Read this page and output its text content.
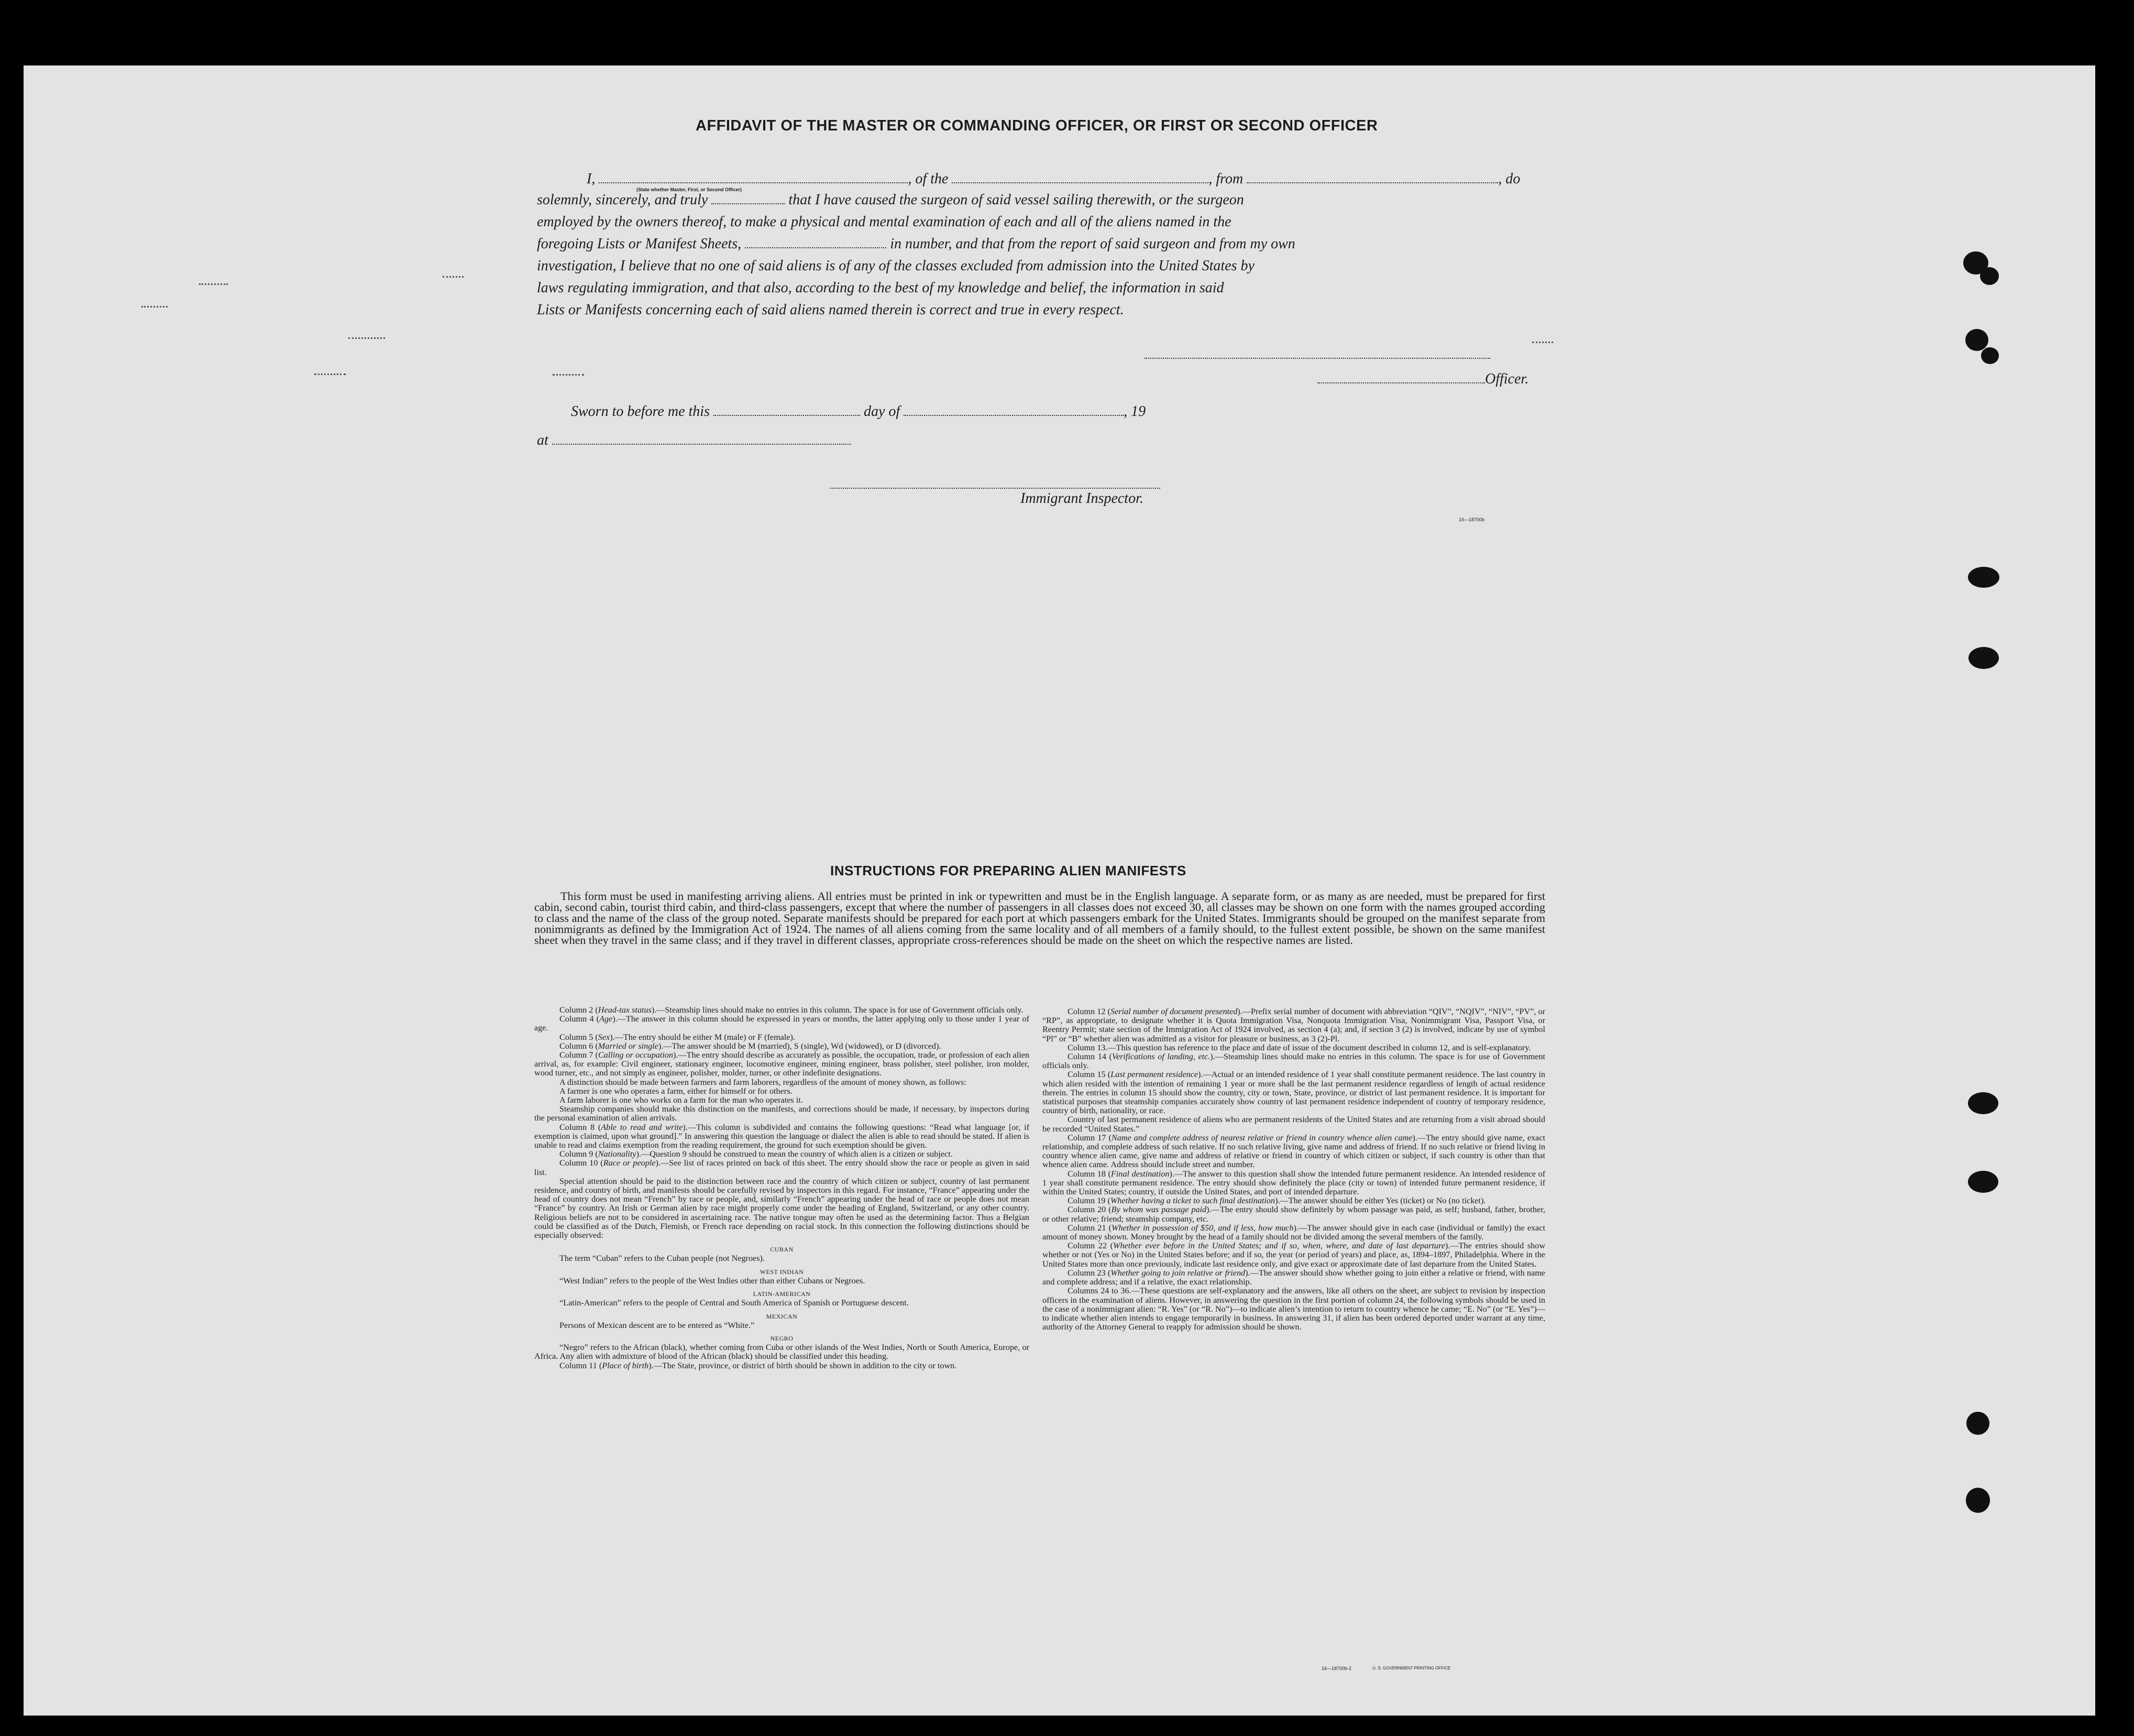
AFFIDAVIT OF THE MASTER OR COMMANDING OFFICER, OR FIRST OR SECOND OFFICER
I,	, of the	, from	, do
(State whether Master, First, or Second Officer)
solemnly, sincerely, and truly	that I have caused the surgeon of said vessel sailing therewith, or the surgeon
employed by the owners thereof, to make a physical and mental examination of each and all of the aliens named in the
foregoing Lists or Manifest Sheets,	in number, and that from the report of said surgeon and from my own
investigation, I believe that no one of said aliens is of any of the classes excluded from admission into the United States by
laws regulating immigration, and that also, according to the best of my knowledge and belief, the information in said
Lists or Manifests concerning each of said aliens named therein is correct and true in every respect.
Officer.
Sworn to before me this	day of	, 19
at
Immigrant Inspector.
16—18700b
INSTRUCTIONS FOR PREPARING ALIEN MANIFESTS
This form must be used in manifesting arriving aliens. All entries must be printed in ink or typewritten and must be in the English language. A separate form, or as many as are needed, must be prepared for first cabin, second cabin, tourist third cabin, and third-class passengers, except that where the number of passengers in all classes does not exceed 30, all classes may be shown on one form with the names grouped according to class and the name of the class of the group noted. Separate manifests should be prepared for each port at which passengers embark for the United States. Immigrants should be grouped on the manifest separate from nonimmigrants as defined by the Immigration Act of 1924. The names of all aliens coming from the same locality and of all members of a family should, to the fullest extent possible, be shown on the same manifest sheet when they travel in the same class; and if they travel in different classes, appropriate cross-references should be made on the sheet on which the respective names are listed.

Column 2 (Head-tax status).—Steamship lines should make no entries in this column. The space is for use of Government officials only.

Column 4 (Age).—The answer in this column should be expressed in years or months, the latter applying only to those under 1 year of age.

Column 5 (Sex).—The entry should be either M (male) or F (female).

Column 6 (Married or single).—The answer should be M (married), S (single), Wd (widowed), or D (divorced).

Column 7 (Calling or occupation).—The entry should describe as accurately as possible, the occupation, trade, or profession of each alien arrival, as, for example: Civil engineer, stationary engineer, locomotive engineer, mining engineer, brass polisher, steel polisher, iron molder, wood turner, etc., and not simply as engineer, polisher, molder, turner, or other indefinite designations.

A distinction should be made between farmers and farm laborers, regardless of the amount of money shown, as follows:

A farmer is one who operates a farm, either for himself or for others.

A farm laborer is one who works on a farm for the man who operates it.

Steamship companies should make this distinction on the manifests, and corrections should be made, if necessary, by inspectors during the personal examination of alien arrivals.

Column 8 (Able to read and write).—This column is subdivided and contains the following questions: “Read what language [or, if exemption is claimed, upon what ground].” In answering this question the language or dialect the alien is able to read should be stated. If alien is unable to read and claims exemption from the reading requirement, the ground for such exemption should be given.

Column 9 (Nationality).—Question 9 should be construed to mean the country of which alien is a citizen or subject.

Column 10 (Race or people).—See list of races printed on back of this sheet. The entry should show the race or people as given in said list.

Special attention should be paid to the distinction between race and the country of which citizen or subject, country of last permanent residence, and country of birth, and manifests should be carefully revised by inspectors in this regard. For instance, “France” appearing under the head of country does not mean “French” by race or people, and, similarly “French” appearing under the head of race or people does not mean “France” by country. An Irish or German alien by race might properly come under the heading of England, Switzerland, or any other country. Religious beliefs are not to be considered in ascertaining race. The native tongue may often be used as the determining factor. Thus a Belgian could be classified as of the Dutch, Flemish, or French race depending on racial stock. In this connection the following distinctions should be especially observed:

CUBAN

The term “Cuban” refers to the Cuban people (not Negroes).

WEST INDIAN

“West Indian” refers to the people of the West Indies other than either Cubans or Negroes.

LATIN-AMERICAN

“Latin-American” refers to the people of Central and South America of Spanish or Portuguese descent.

MEXICAN

Persons of Mexican descent are to be entered as “White.”

NEGRO

“Negro” refers to the African (black), whether coming from Cuba or other islands of the West Indies, North or South America, Europe, or Africa. Any alien with admixture of blood of the African (black) should be classified under this heading.

Column 11 (Place of birth).—The State, province, or district of birth should be shown in addition to the city or town.

Column 12 (Serial number of document presented).—Prefix serial number of document with abbreviation “QIV”, “NQIV”, “NIV”, “PV”, or “RP”, as appropriate, to designate whether it is Quota Immigration Visa, Nonquota Immigration Visa, Nonimmigrant Visa, Passport Visa, or Reentry Permit; state section of the Immigration Act of 1924 involved, as section 4 (a); and, if section 3 (2) is involved, indicate by use of symbol “Pl” or “B” whether alien was admitted as a visitor for pleasure or business, as 3 (2)-Pl.

Column 13.—This question has reference to the place and date of issue of the document described in column 12, and is self-explanatory.

Column 14 (Verifications of landing, etc.).—Steamship lines should make no entries in this column. The space is for use of Government officials only.

Column 15 (Last permanent residence).—Actual or an intended residence of 1 year shall constitute permanent residence. The last country in which alien resided with the intention of remaining 1 year or more shall be the last permanent residence regardless of length of actual residence therein. The entries in column 15 should show the country, city or town, State, province, or district of last permanent residence. It is important for statistical purposes that steamship companies accurately show country of last permanent residence independent of country of temporary residence, country of birth, nationality, or race.

Country of last permanent residence of aliens who are permanent residents of the United States and are returning from a visit abroad should be recorded “United States.”

Column 17 (Name and complete address of nearest relative or friend in country whence alien came).—The entry should give name, exact relationship, and complete address of such relative. If no such relative living, give name and address of friend. If no such relative or friend living in country whence alien came, give name and address of relative or friend in country of which citizen or subject, if such country is other than that whence alien came. Address should include street and number.

Column 18 (Final destination).—The answer to this question shall show the intended future permanent residence. An intended residence of 1 year shall constitute permanent residence. The entry should show definitely the place (city or town) of intended future permanent residence, if within the United States; country, if outside the United States, and port of intended departure.

Column 19 (Whether having a ticket to such final destination).—The answer should be either Yes (ticket) or No (no ticket).

Column 20 (By whom was passage paid).—The entry should show definitely by whom passage was paid, as self; husband, father, brother, or other relative; friend; steamship company, etc.

Column 21 (Whether in possession of $50, and if less, how much).—The answer should give in each case (individual or family) the exact amount of money shown. Money brought by the head of a family should not be divided among the several members of the family.

Column 22 (Whether ever before in the United States; and if so, when, where, and date of last departure).—The entries should show whether or not (Yes or No) in the United States before; and if so, the year (or period of years) and place, as, 1894–1897, Philadelphia. Where in the United States more than once previously, indicate last residence only, and give exact or approximate date of last departure from the United States.

Column 23 (Whether going to join relative or friend).—The answer should show whether going to join either a relative or friend, with name and complete address; and if a relative, the exact relationship.

Columns 24 to 36.—These questions are self-explanatory and the answers, like all others on the sheet, are subject to revision by inspection officers in the examination of aliens. However, in answering the question in the first portion of column 24, the following symbols should be used in the case of a nonimmigrant alien: “R. Yes” (or “R. No”)—to indicate alien’s intention to return to country whence he came; “E. No” (or “E. Yes”)—to indicate whether alien intends to engage temporarily in business. In answering 31, if alien has been ordered deported under warrant at any time, authority of the Attorney General to reapply for admission should be shown.

16—18700b-2	U. S. GOVERNMENT PRINTING OFFICE
